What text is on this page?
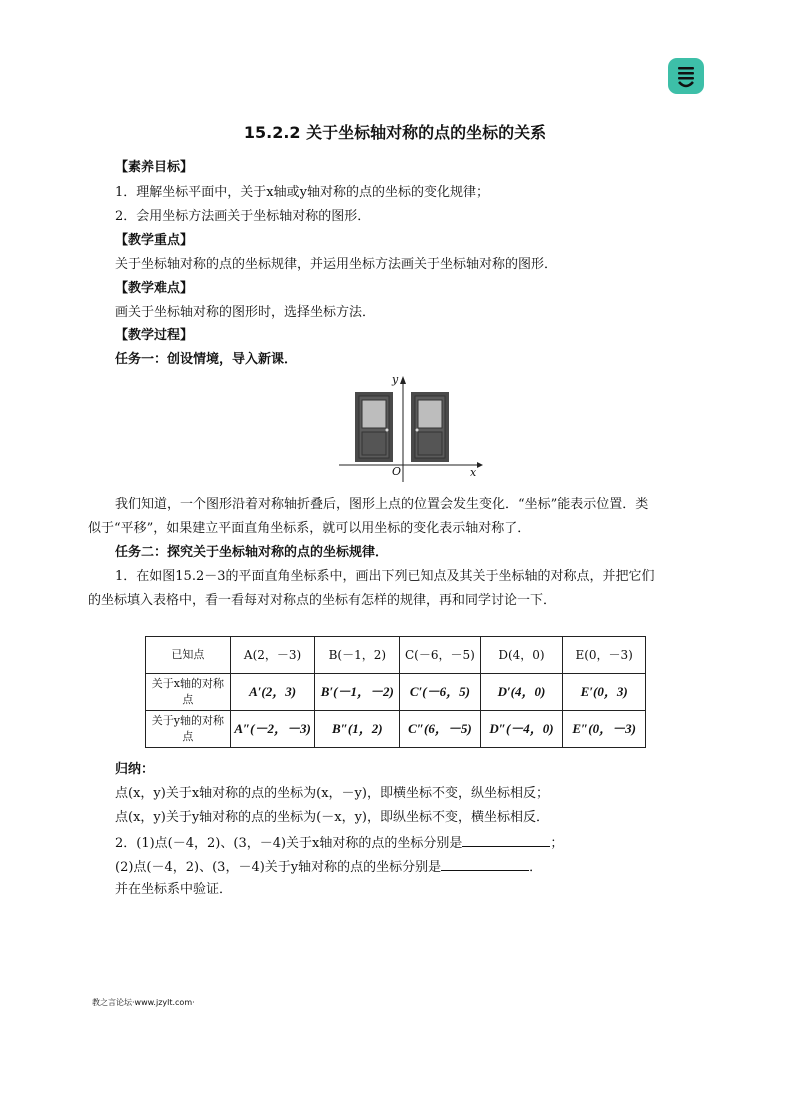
15.2.2 关于坐标轴对称的点的坐标的关系
【素养目标】
1．理解坐标平面中，关于x轴或y轴对称的点的坐标的变化规律；
2．会用坐标方法画关于坐标轴对称的图形．
【教学重点】
关于坐标轴对称的点的坐标规律，并运用坐标方法画关于坐标轴对称的图形．
【教学难点】
画关于坐标轴对称的图形时，选择坐标方法．
【教学过程】
任务一：创设情境，导入新课．
y
x
O
我们知道，一个图形沿着对称轴折叠后，图形上点的位置会发生变化．“坐标”能表示位置．类
似于“平移”，如果建立平面直角坐标系，就可以用坐标的变化表示轴对称了．
任务二：探究关于坐标轴对称的点的坐标规律．
1．在如图15.2－3的平面直角坐标系中，画出下列已知点及其关于坐标轴的对称点，并把它们
的坐标填入表格中，看一看每对对称点的坐标有怎样的规律，再和同学讨论一下．
已知点	A(2，－3)	B(－1，2)	C(－6，－5)	D(4，0)	E(0，－3)
关于x轴的对称点	A′(2，3)	B′(－1，－2)	C′(－6，5)	D′(4，0)	E′(0，3)
关于y轴的对称点	A″(－2，－3)	B″(1，2)	C″(6，－5)	D″(－4，0)	E″(0，－3)
归纳：
点(x，y)关于x轴对称的点的坐标为(x，－y)，即横坐标不变，纵坐标相反；
点(x，y)关于y轴对称的点的坐标为(－x，y)，即纵坐标不变，横坐标相反．
2．(1)点(－4，2)、(3，－4)关于x轴对称的点的坐标分别是	；
(2)点(－4，2)、(3，－4)关于y轴对称的点的坐标分别是	．
并在坐标系中验证．
教之言论坛·www.jzylt.com·
